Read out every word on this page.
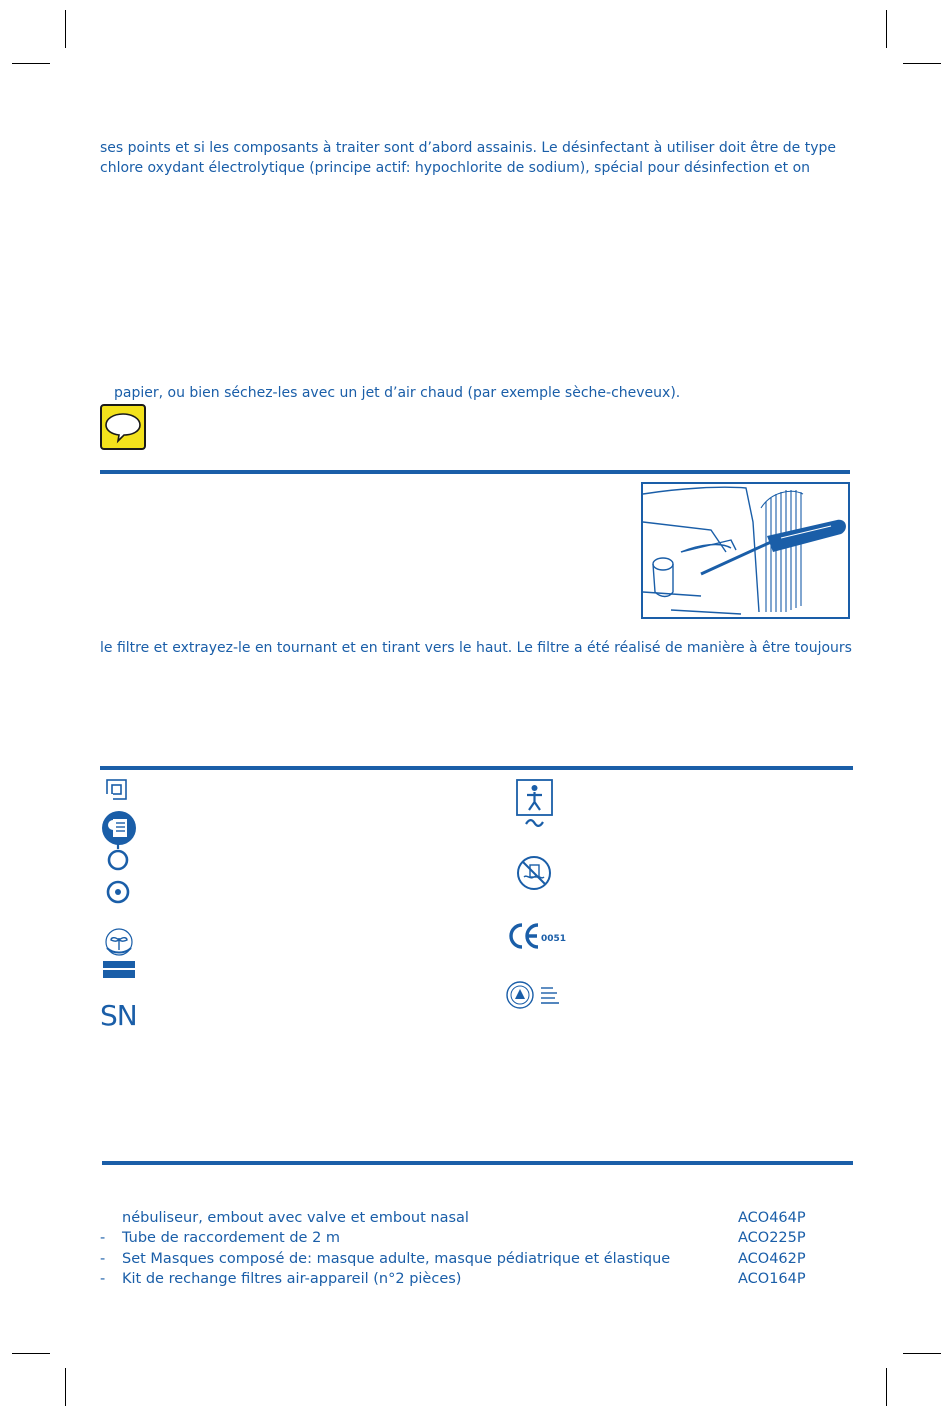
ses points et si les composants à traiter sont d’abord assainis. Le désinfectant à utiliser doit être de type
chlore oxydant électrolytique (principe actif: hypochlorite de sodium), spécial pour désinfection et on
papier, ou bien séchez-les avec un jet d’air chaud (par exemple sèche-cheveux).
le filtre et extrayez-le en tournant et en tirant vers le haut. Le filtre a été réalisé de manière à être toujours
SN
0051
nébuliseur, embout avec valve et embout nasal	ACO464P
- Tube de raccordement de 2 m	ACO225P
- Set Masques composé de: masque adulte, masque pédiatrique et élastique	ACO462P
- Kit de rechange filtres air-appareil (n°2 pièces)	ACO164P
